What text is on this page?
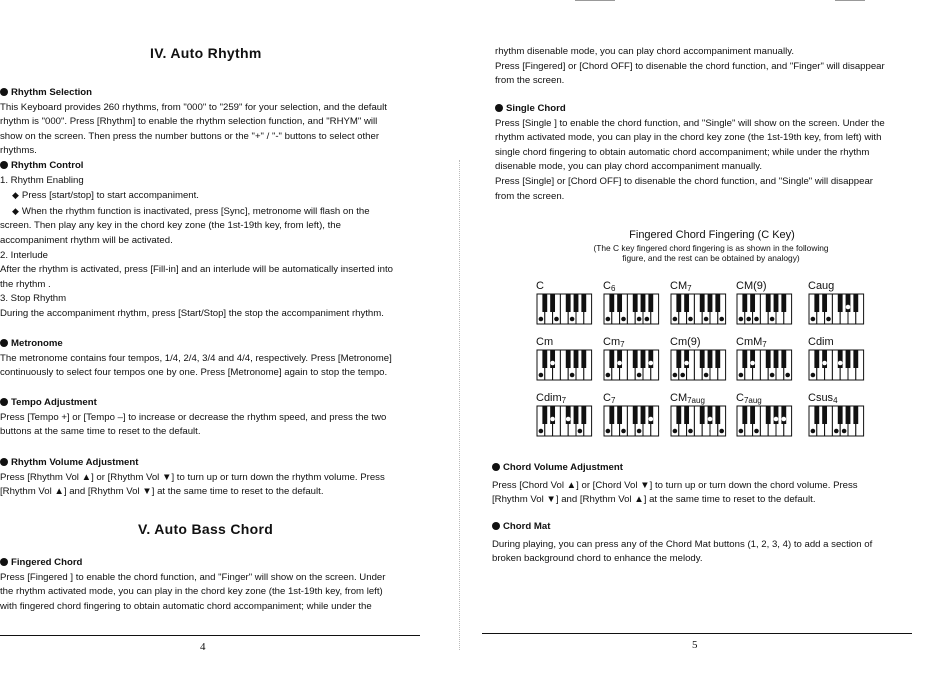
IV. Auto Rhythm
Rhythm Selection
This Keyboard provides 260 rhythms, from "000" to "259" for your selection, and the default
rhythm is "000". Press [Rhythm] to enable the rhythm selection function, and "RHYM" will
show on the screen. Then press the number buttons or the "+" / "-" buttons to select other
rhythms.
Rhythm Control
1. Rhythm Enabling
◆ Press [start/stop] to start accompaniment.
◆ When the rhythm function is inactivated, press [Sync], metronome will flash on the
screen. Then play any key in the chord key zone (the 1st-19th key, from left), the
accompaniment rhythm will be activated.
2. Interlude
After the rhythm is activated, press [Fill-in] and an interlude will be automatically inserted into
the rhythm .
3. Stop Rhythm
During the accompaniment rhythm, press [Start/Stop] the stop the accompaniment rhythm.
Metronome
The metronome contains four tempos, 1/4, 2/4, 3/4 and 4/4, respectively. Press [Metronome]
continuously to select four tempos one by one. Press [Metronome] again to stop the tempo.
Tempo Adjustment
Press [Tempo +] or [Tempo –] to increase or decrease the rhythm speed, and press the two
buttons at the same time to reset to the default.
Rhythm Volume Adjustment
Press [Rhythm Vol ▲] or [Rhythm Vol ▼] to turn up or turn down the rhythm volume. Press
[Rhythm Vol ▲] and [Rhythm Vol ▼] at the same time to reset to the default.
V. Auto Bass Chord
Fingered Chord
Press [Fingered ] to enable the chord function, and "Finger" will show on the screen. Under
the rhythm activated mode, you can play in the chord key zone (the 1st-19th key, from left)
with fingered chord fingering to obtain automatic chord accompaniment; while under the
4
rhythm disenable mode, you can play chord accompaniment manually.
Press [Fingered] or [Chord OFF] to disenable the chord function, and "Finger" will disappear
from the screen.
Single Chord
Press [Single ] to enable the chord function, and "Single" will show on the screen. Under the
rhythm activated mode, you can play in the chord key zone (the 1st-19th key, from left) with
single chord fingering to obtain automatic chord accompaniment; while under the rhythm
disenable mode, you can play chord accompaniment manually.
Press [Single] or [Chord OFF] to disenable the chord function, and "Single" will disappear
from the screen.
Fingered Chord Fingering (C Key)
(The C key fingered chord fingering is as shown in the following
figure, and the rest can be obtained by analogy)
C	$C_6$	$CM_7$	CM(9)	Caug
Cm	$Cm_7$	Cm(9)	CmM$_7$	Cdim
Cdim$_7$	$C_7$	$CM_{7aug}$	$C_{7aug}$	Csus$_4$
Chord Volume Adjustment
Press [Chord Vol ▲] or [Chord Vol ▼] to turn up or turn down the chord volume. Press
[Rhythm Vol ▼] and [Rhythm Vol ▲] at the same time to reset to the default.
Chord Mat
During playing, you can press any of the Chord Mat buttons (1, 2, 3, 4) to add a section of
broken background chord to enhance the melody.
5
